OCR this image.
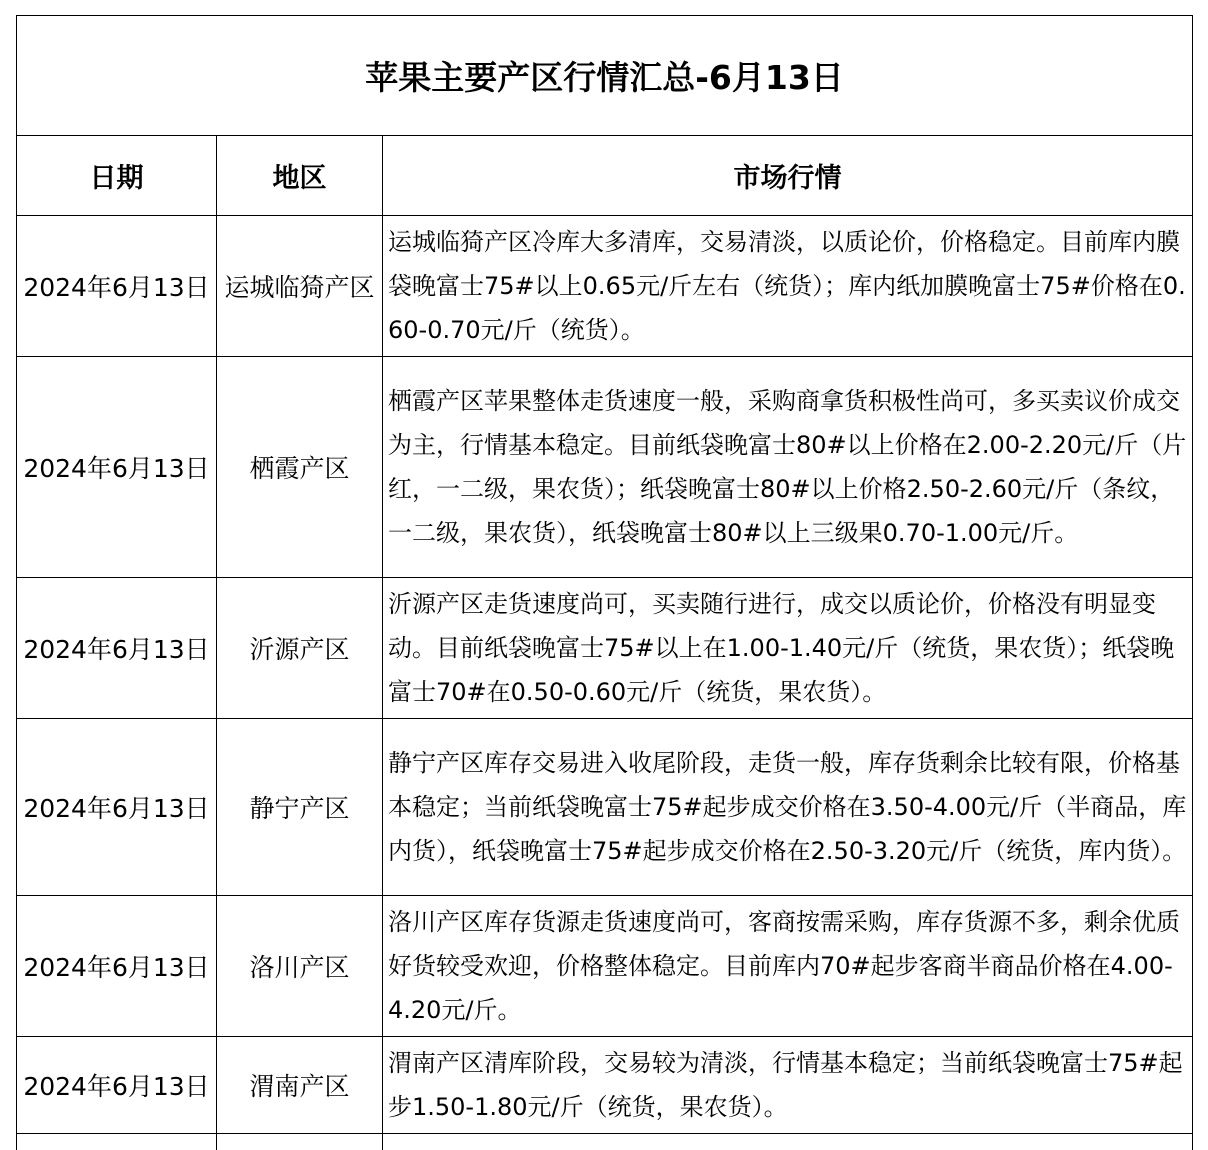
苹果主要产区行情汇总-6月13日		
日期	地区	市场行情
2024年6月13日	运城临猗产区	运城临猗产区冷库大多清库，交易清淡，以质论价，价格稳定。目前库内膜袋晚富士75#以上0.65元/斤左右（统货）；库内纸加膜晚富士75#价格在0.60-0.70元/斤（统货）。
2024年6月13日	栖霞产区	栖霞产区苹果整体走货速度一般，采购商拿货积极性尚可，多买卖议价成交为主，行情基本稳定。目前纸袋晚富士80#以上价格在2.00-2.20元/斤（片红，一二级，果农货）；纸袋晚富士80#以上价格2.50-2.60元/斤（条纹，一二级，果农货），纸袋晚富士80#以上三级果0.70-1.00元/斤。
2024年6月13日	沂源产区	沂源产区走货速度尚可，买卖随行进行，成交以质论价，价格没有明显变动。目前纸袋晚富士75#以上在1.00-1.40元/斤（统货，果农货）；纸袋晚富士70#在0.50-0.60元/斤（统货，果农货）。
2024年6月13日	静宁产区	静宁产区库存交易进入收尾阶段，走货一般，库存货剩余比较有限，价格基本稳定；当前纸袋晚富士75#起步成交价格在3.50-4.00元/斤（半商品，库内货），纸袋晚富士75#起步成交价格在2.50-3.20元/斤（统货，库内货）。
2024年6月13日	洛川产区	洛川产区库存货源走货速度尚可，客商按需采购，库存货源不多，剩余优质好货较受欢迎，价格整体稳定。目前库内70#起步客商半商品价格在4.00-4.20元/斤。
2024年6月13日	渭南产区	渭南产区清库阶段，交易较为清淡，行情基本稳定；当前纸袋晚富士75#起步1.50-1.80元/斤（统货，果农货）。
